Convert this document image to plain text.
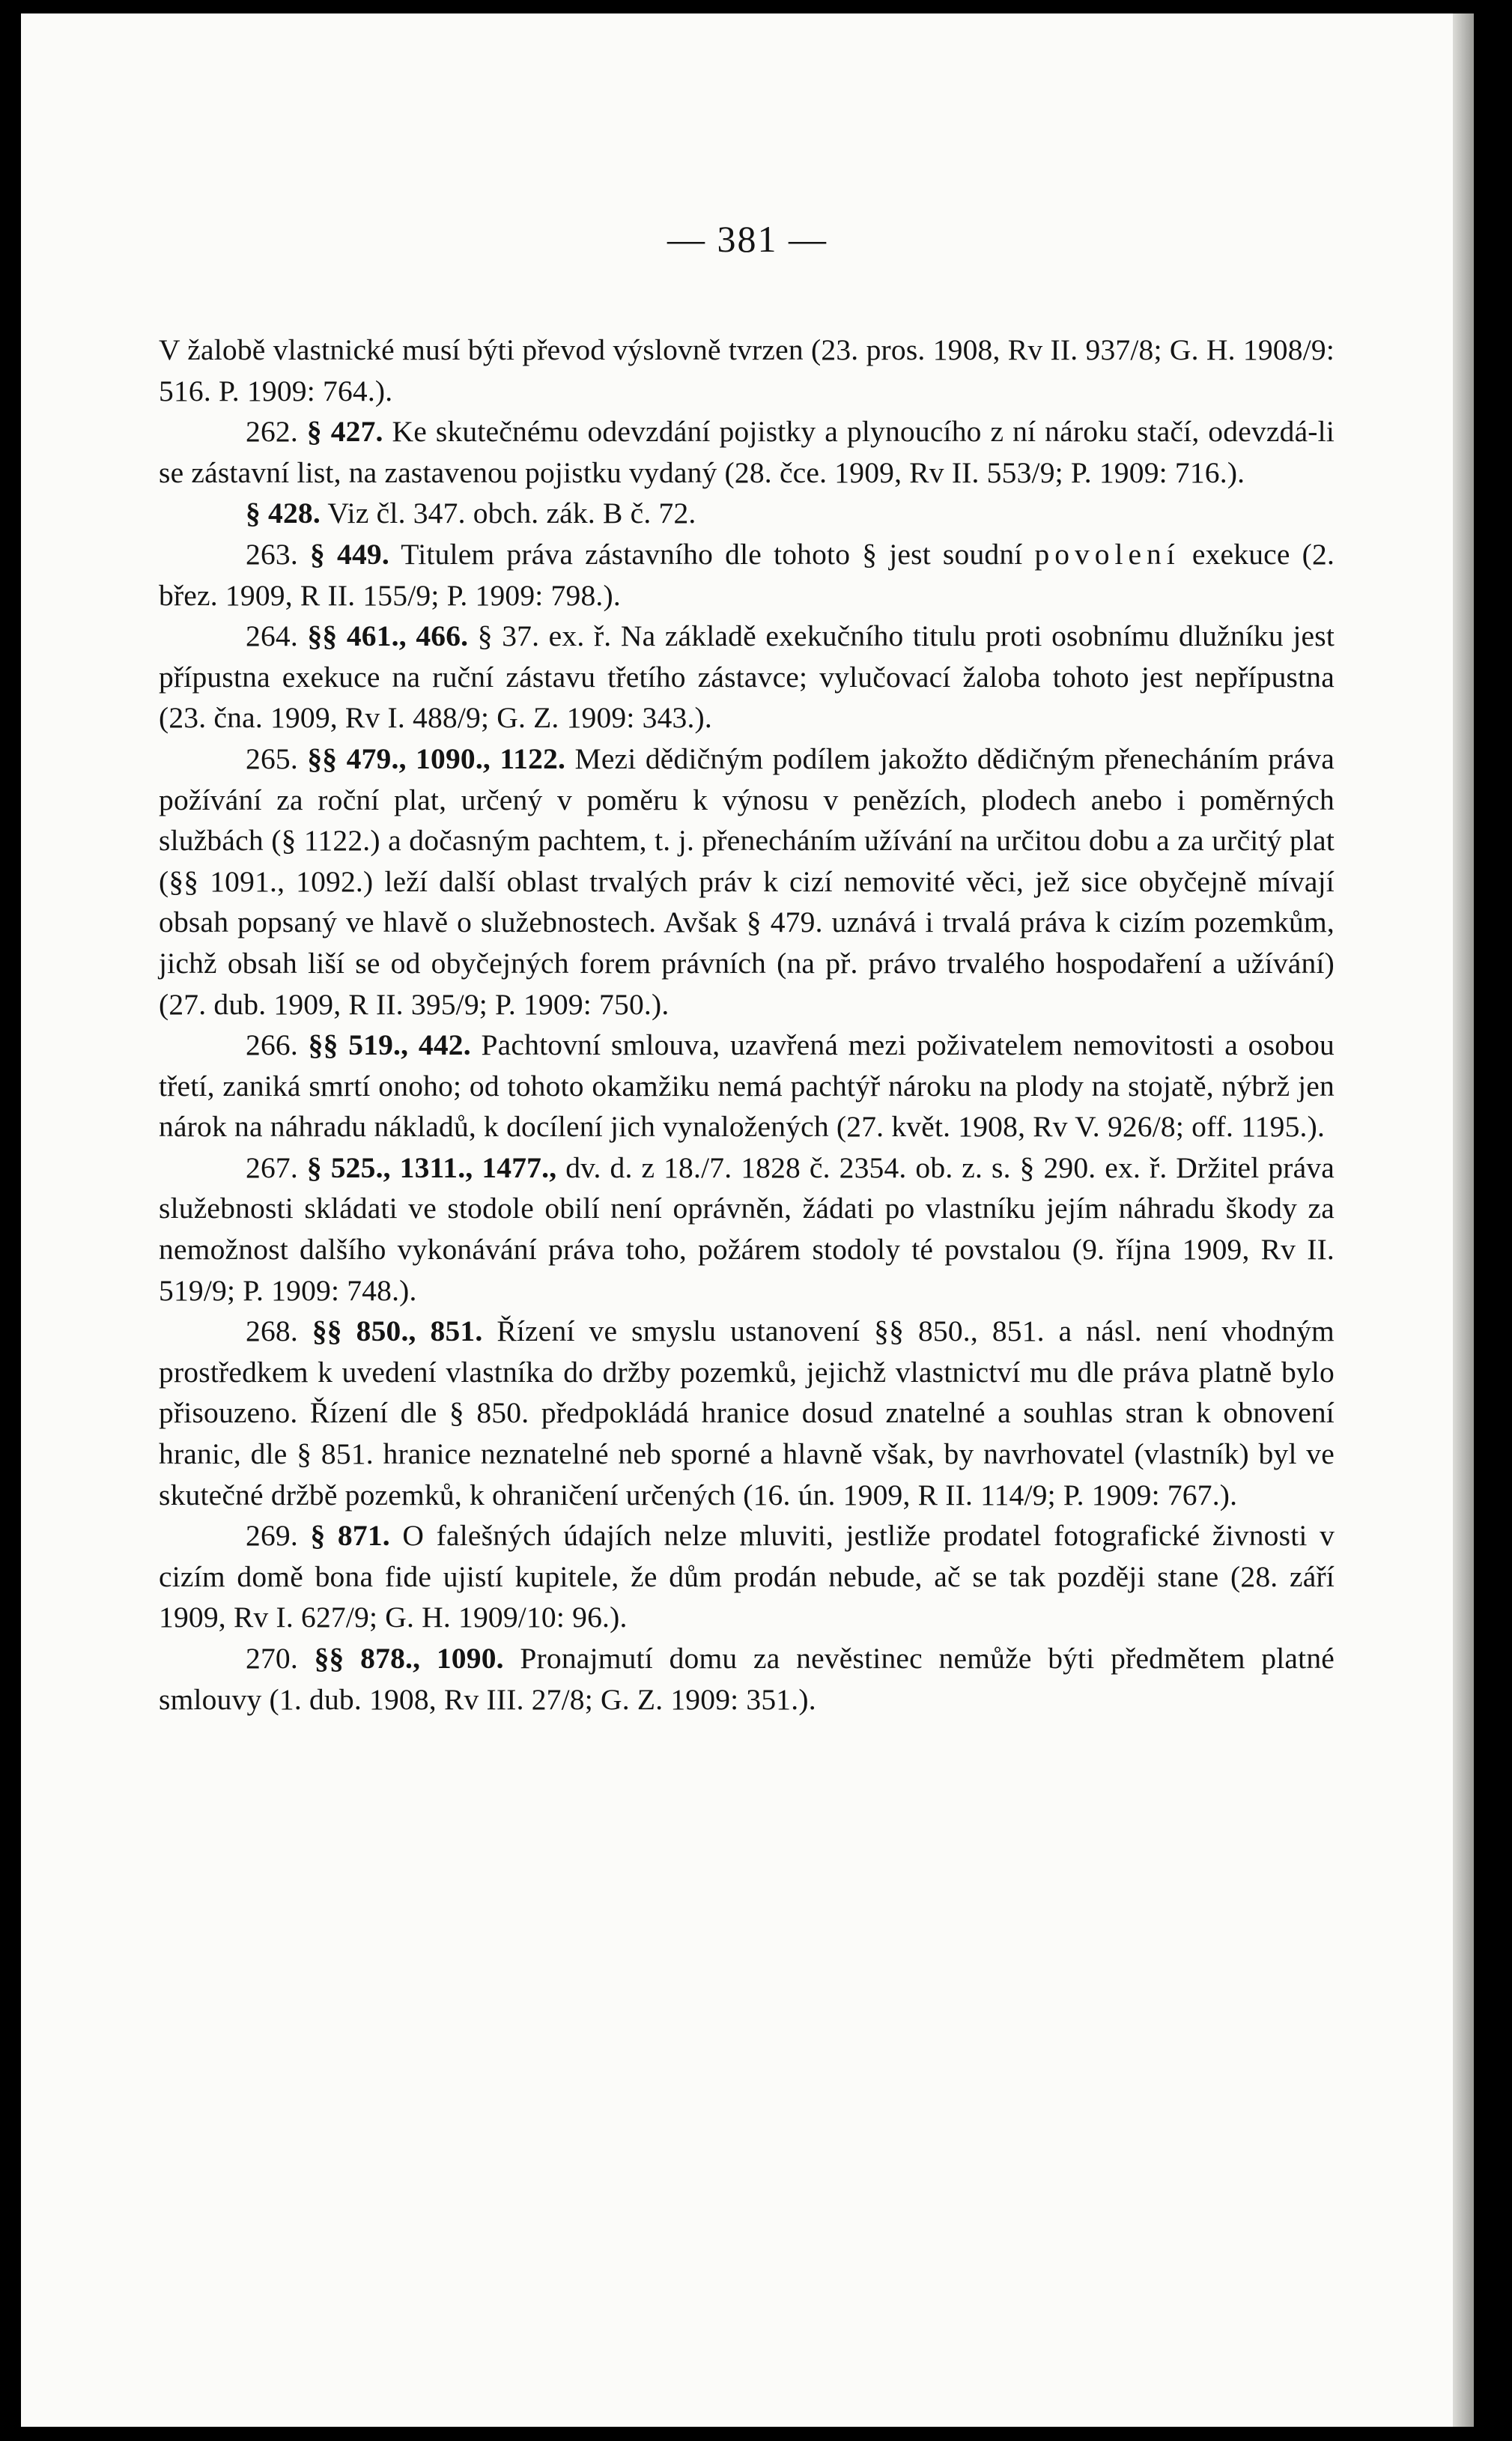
— 381 —

V žalobě vlastnické musí býti převod výslovně tvrzen (23. pros. 1908, Rv II. 937/8; G. H. 1908/9: 516. P. 1909: 764.).

262. § 427. Ke skutečnému odevzdání pojistky a plynoucího z ní nároku stačí, odevzdá-li se zástavní list, na zastavenou pojistku vydaný (28. čce. 1909, Rv II. 553/9; P. 1909: 716.).

§ 428. Viz čl. 347. obch. zák. B č. 72.

263. § 449. Titulem práva zástavního dle tohoto § jest soudní povolení exekuce (2. břez. 1909, R II. 155/9; P. 1909: 798.).

264. §§ 461., 466. § 37. ex. ř. Na základě exekučního titulu proti osobnímu dlužníku jest přípustna exekuce na ruční zástavu třetího zástavce; vylučovací žaloba tohoto jest nepřípustna (23. čna. 1909, Rv I. 488/9; G. Z. 1909: 343.).

265. §§ 479., 1090., 1122. Mezi dědičným podílem jakožto dědičným přenecháním práva požívání za roční plat, určený v poměru k výnosu v penězích, plodech anebo i poměrných službách (§ 1122.) a dočasným pachtem, t. j. přenecháním užívání na určitou dobu a za určitý plat (§§ 1091., 1092.) leží další oblast trvalých práv k cizí nemovité věci, jež sice obyčejně mívají obsah popsaný ve hlavě o služebnostech. Avšak § 479. uznává i trvalá práva k cizím pozemkům, jichž obsah liší se od obyčejných forem právních (na př. právo trvalého hospodaření a užívání) (27. dub. 1909, R II. 395/9; P. 1909: 750.).

266. §§ 519., 442. Pachtovní smlouva, uzavřená mezi poživatelem nemovitosti a osobou třetí, zaniká smrtí onoho; od tohoto okamžiku nemá pachtýř nároku na plody na stojatě, nýbrž jen nárok na náhradu nákladů, k docílení jich vynaložených (27. květ. 1908, Rv V. 926/8; off. 1195.).

267. § 525., 1311., 1477., dv. d. z 18./7. 1828 č. 2354. ob. z. s. § 290. ex. ř. Držitel práva služebnosti skládati ve stodole obilí není oprávněn, žádati po vlastníku jejím náhradu škody za nemožnost dalšího vykonávání práva toho, požárem stodoly té povstalou (9. října 1909, Rv II. 519/9; P. 1909: 748.).

268. §§ 850., 851. Řízení ve smyslu ustanovení §§ 850., 851. a násl. není vhodným prostředkem k uvedení vlastníka do držby pozemků, jejichž vlastnictví mu dle práva platně bylo přisouzeno. Řízení dle § 850. předpokládá hranice dosud znatelné a souhlas stran k obnovení hranic, dle § 851. hranice neznatelné neb sporné a hlavně však, by navrhovatel (vlastník) byl ve skutečné držbě pozemků, k ohraničení určených (16. ún. 1909, R II. 114/9; P. 1909: 767.).

269. § 871. O falešných údajích nelze mluviti, jestliže prodatel fotografické živnosti v cizím domě bona fide ujistí kupitele, že dům prodán nebude, ač se tak později stane (28. září 1909, Rv I. 627/9; G. H. 1909/10: 96.).

270. §§ 878., 1090. Pronajmutí domu za nevěstinec nemůže býti předmětem platné smlouvy (1. dub. 1908, Rv III. 27/8; G. Z. 1909: 351.).
